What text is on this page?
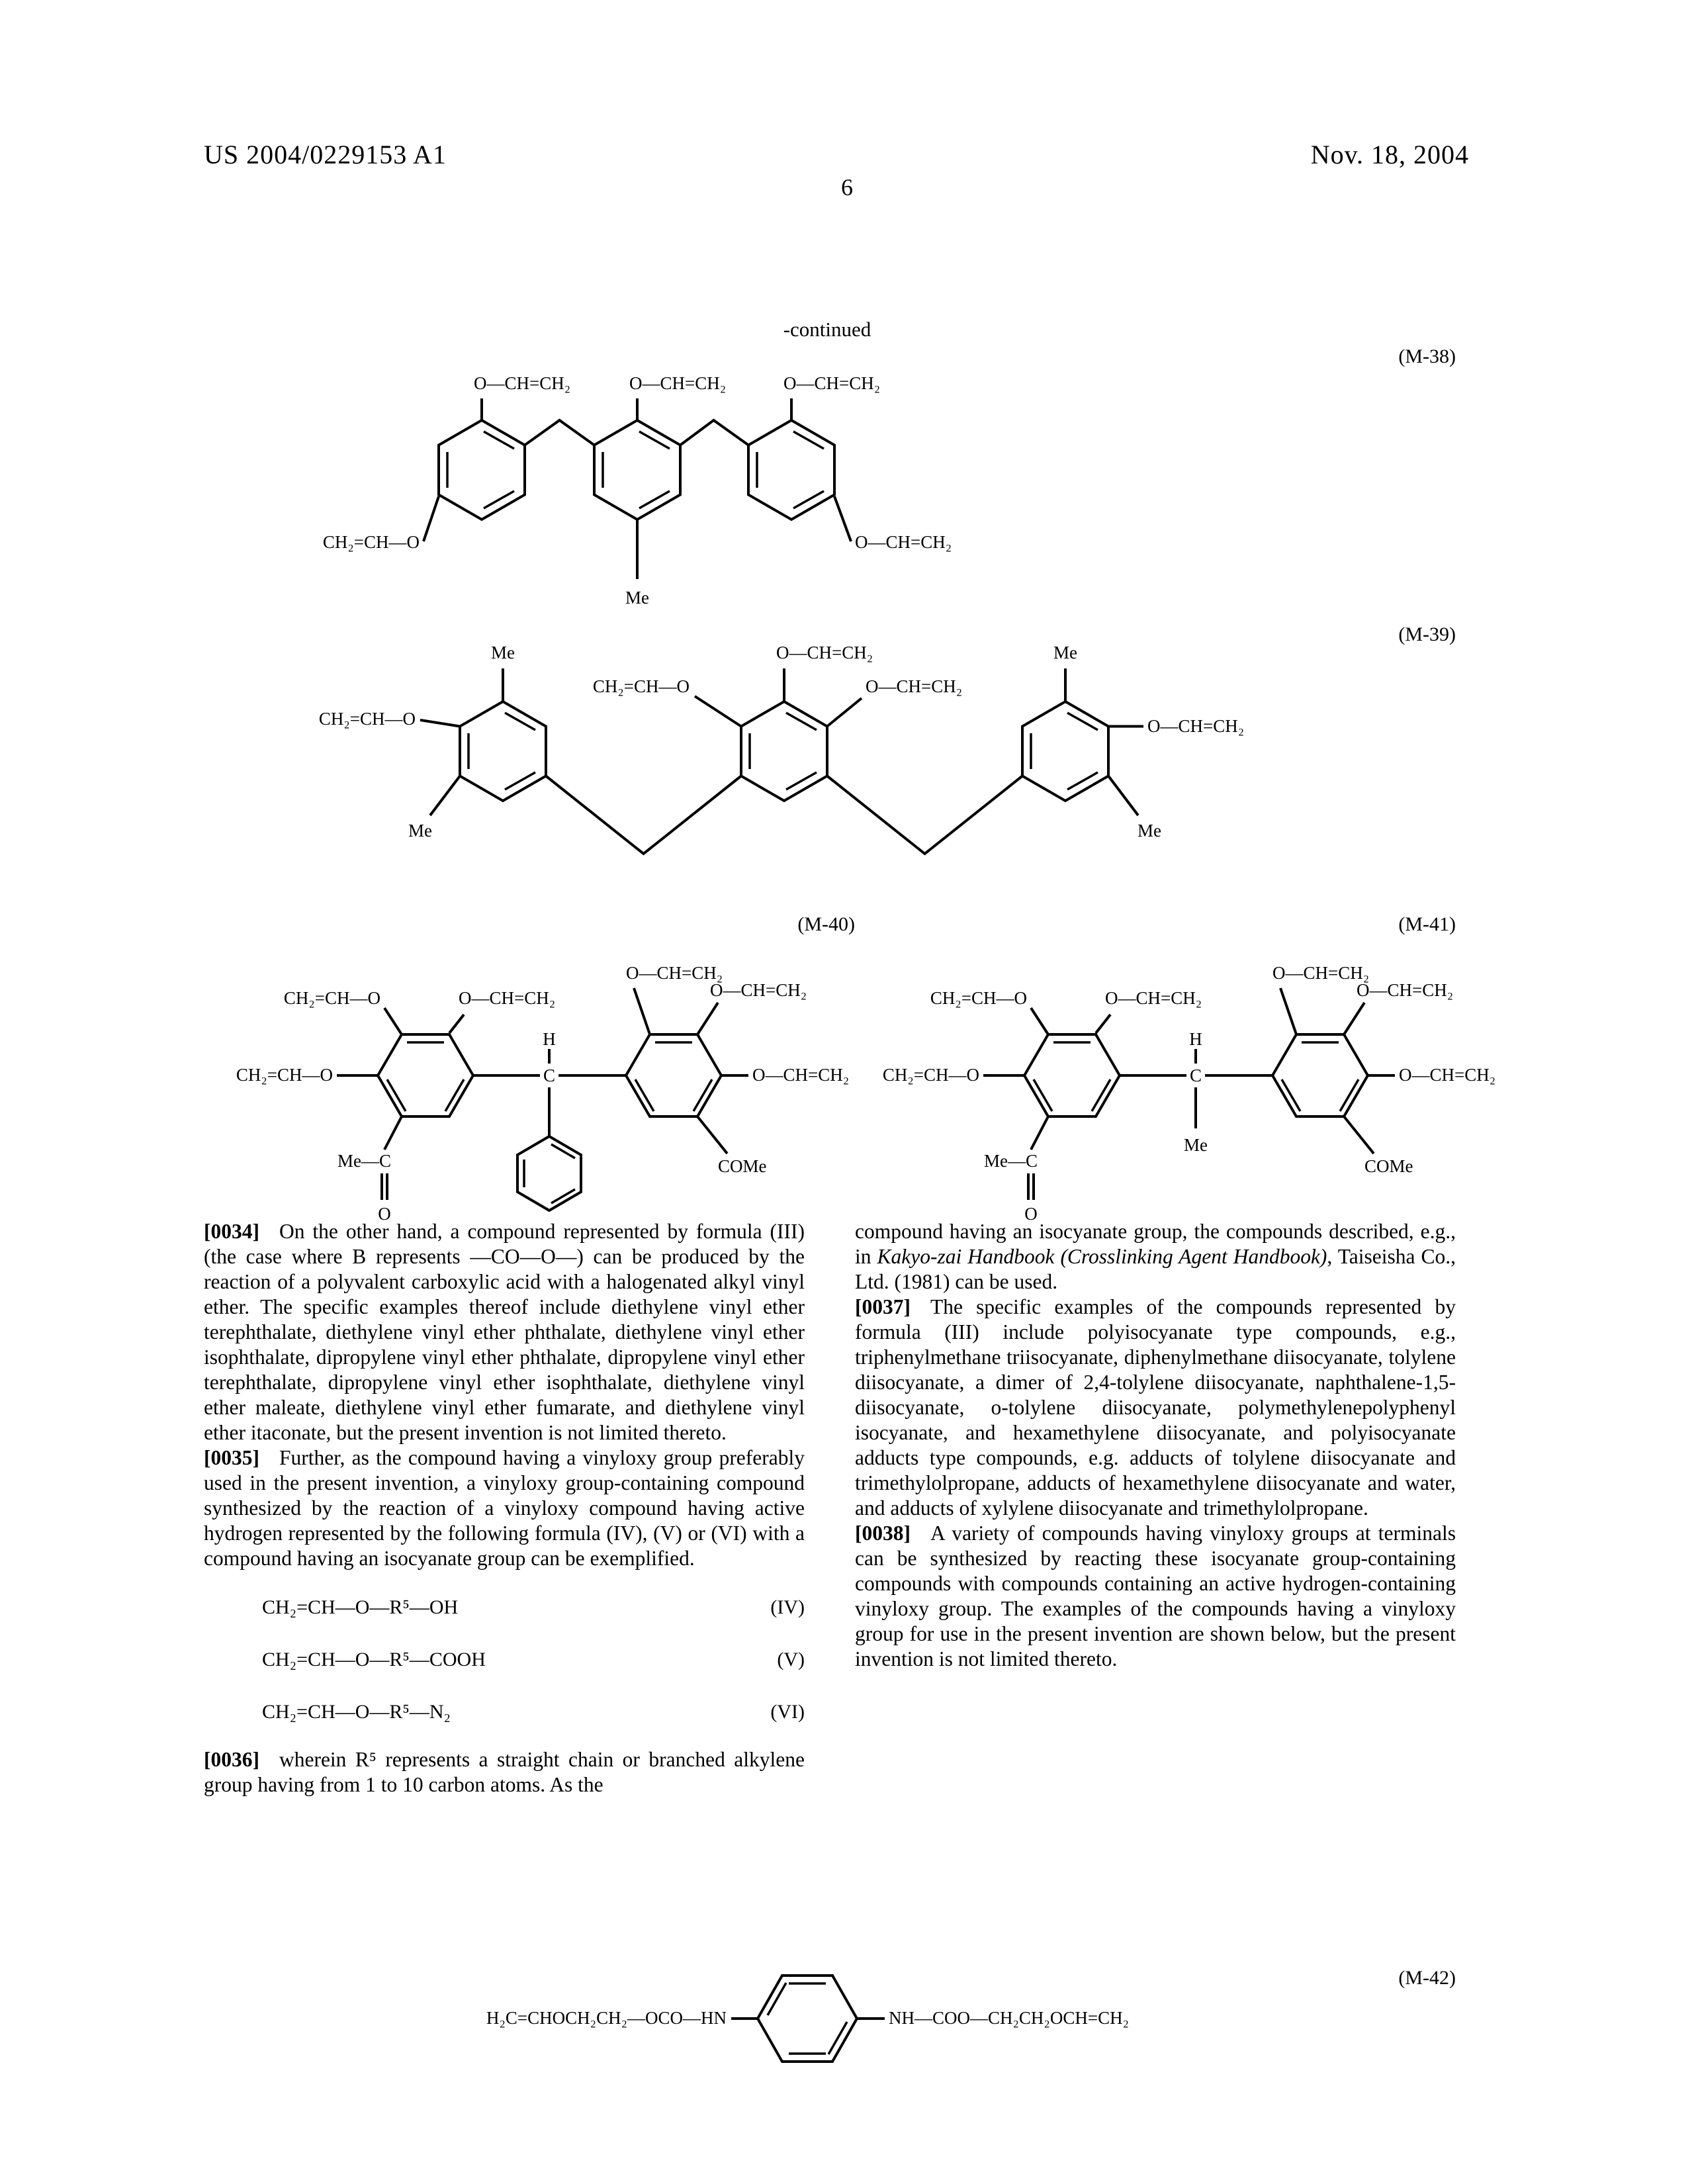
US 2004/0229153 A1	Nov. 18, 2004
6
-continued
(M-38)
(M-39)
(M-40)	(M-41)
(M-42)
O—CH=CH₂	O—CH=CH₂	O—CH=CH₂
CH₂=CH—O	O—CH=CH₂
Me
Me
CH₂=CH—O
Me
CH₂=CH—O
O—CH=CH₂
O—CH=CH₂
Me
O—CH=CH₂
Me
CH₂=CH—O	O—CH=CH₂
CH₂=CH—O
Me—C
O
H
C
O—CH=CH₂
O—CH=CH₂
O—CH=CH₂
COMe
CH₂=CH—O	O—CH=CH₂
CH₂=CH—O
Me—C
O
H
C
Me
O—CH=CH₂
O—CH=CH₂
O—CH=CH₂
COMe
H₂C=CHOCH₂CH₂—OCO—HN	NH—COO—CH₂CH₂OCH=CH₂

[0034] On the other hand, a compound represented by formula (III) (the case where B represents —CO—O—) can be produced by the reaction of a polyvalent carboxylic acid with a halogenated alkyl vinyl ether. The specific examples thereof include diethylene vinyl ether terephthalate, diethylene vinyl ether phthalate, diethylene vinyl ether isophthalate, dipropylene vinyl ether phthalate, dipropylene vinyl ether terephthalate, dipropylene vinyl ether isophthalate, diethylene vinyl ether maleate, diethylene vinyl ether fumarate, and diethylene vinyl ether itaconate, but the present invention is not limited thereto.

[0035] Further, as the compound having a vinyloxy group preferably used in the present invention, a vinyloxy group-containing compound synthesized by the reaction of a vinyloxy compound having active hydrogen represented by the following formula (IV), (V) or (VI) with a compound having an isocyanate group can be exemplified.

CH₂=CH—O—R⁵—OH	(IV)
CH₂=CH—O—R⁵—COOH	(V)
CH₂=CH—O—R⁵—N₂	(VI)

[0036] wherein R⁵ represents a straight chain or branched alkylene group having from 1 to 10 carbon atoms. As the

compound having an isocyanate group, the compounds described, e.g., in Kakyo-zai Handbook (Crosslinking Agent Handbook), Taiseisha Co., Ltd. (1981) can be used.

[0037] The specific examples of the compounds represented by formula (III) include polyisocyanate type compounds, e.g., triphenylmethane triisocyanate, diphenylmethane diisocyanate, tolylene diisocyanate, a dimer of 2,4-tolylene diisocyanate, naphthalene-1,5-diisocyanate, o-tolylene diisocyanate, polymethylenepolyphenyl isocyanate, and hexamethylene diisocyanate, and polyisocyanate adducts type compounds, e.g. adducts of tolylene diisocyanate and trimethylolpropane, adducts of hexamethylene diisocyanate and water, and adducts of xylylene diisocyanate and trimethylolpropane.

[0038] A variety of compounds having vinyloxy groups at terminals can be synthesized by reacting these isocyanate group-containing compounds with compounds containing an active hydrogen-containing vinyloxy group. The examples of the compounds having a vinyloxy group for use in the present invention are shown below, but the present invention is not limited thereto.
